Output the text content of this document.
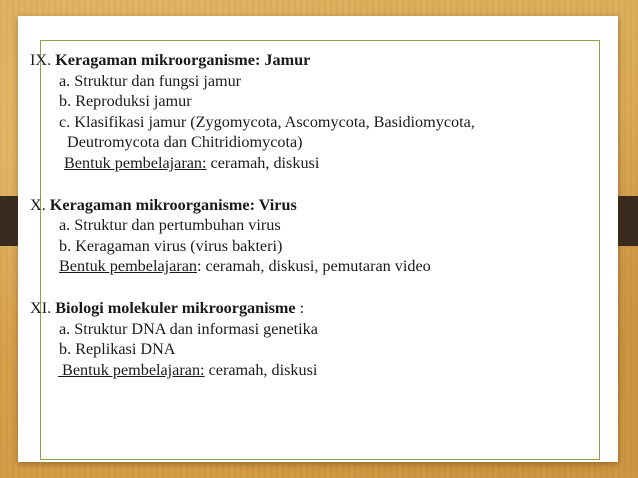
IX. Keragaman mikroorganisme: Jamur
a. Struktur dan fungsi jamur
b. Reproduksi jamur
c. Klasifikasi jamur (Zygomycota, Ascomycota, Basidiomycota,
Deutromycota dan Chitridiomycota)
Bentuk pembelajaran: ceramah, diskusi
X. Keragaman mikroorganisme: Virus
a. Struktur dan pertumbuhan virus
b. Keragaman virus (virus bakteri)
Bentuk pembelajaran: ceramah, diskusi, pemutaran video
XI. Biologi molekuler mikroorganisme :
a. Struktur DNA dan informasi genetika
b. Replikasi DNA
Bentuk pembelajaran: ceramah, diskusi
